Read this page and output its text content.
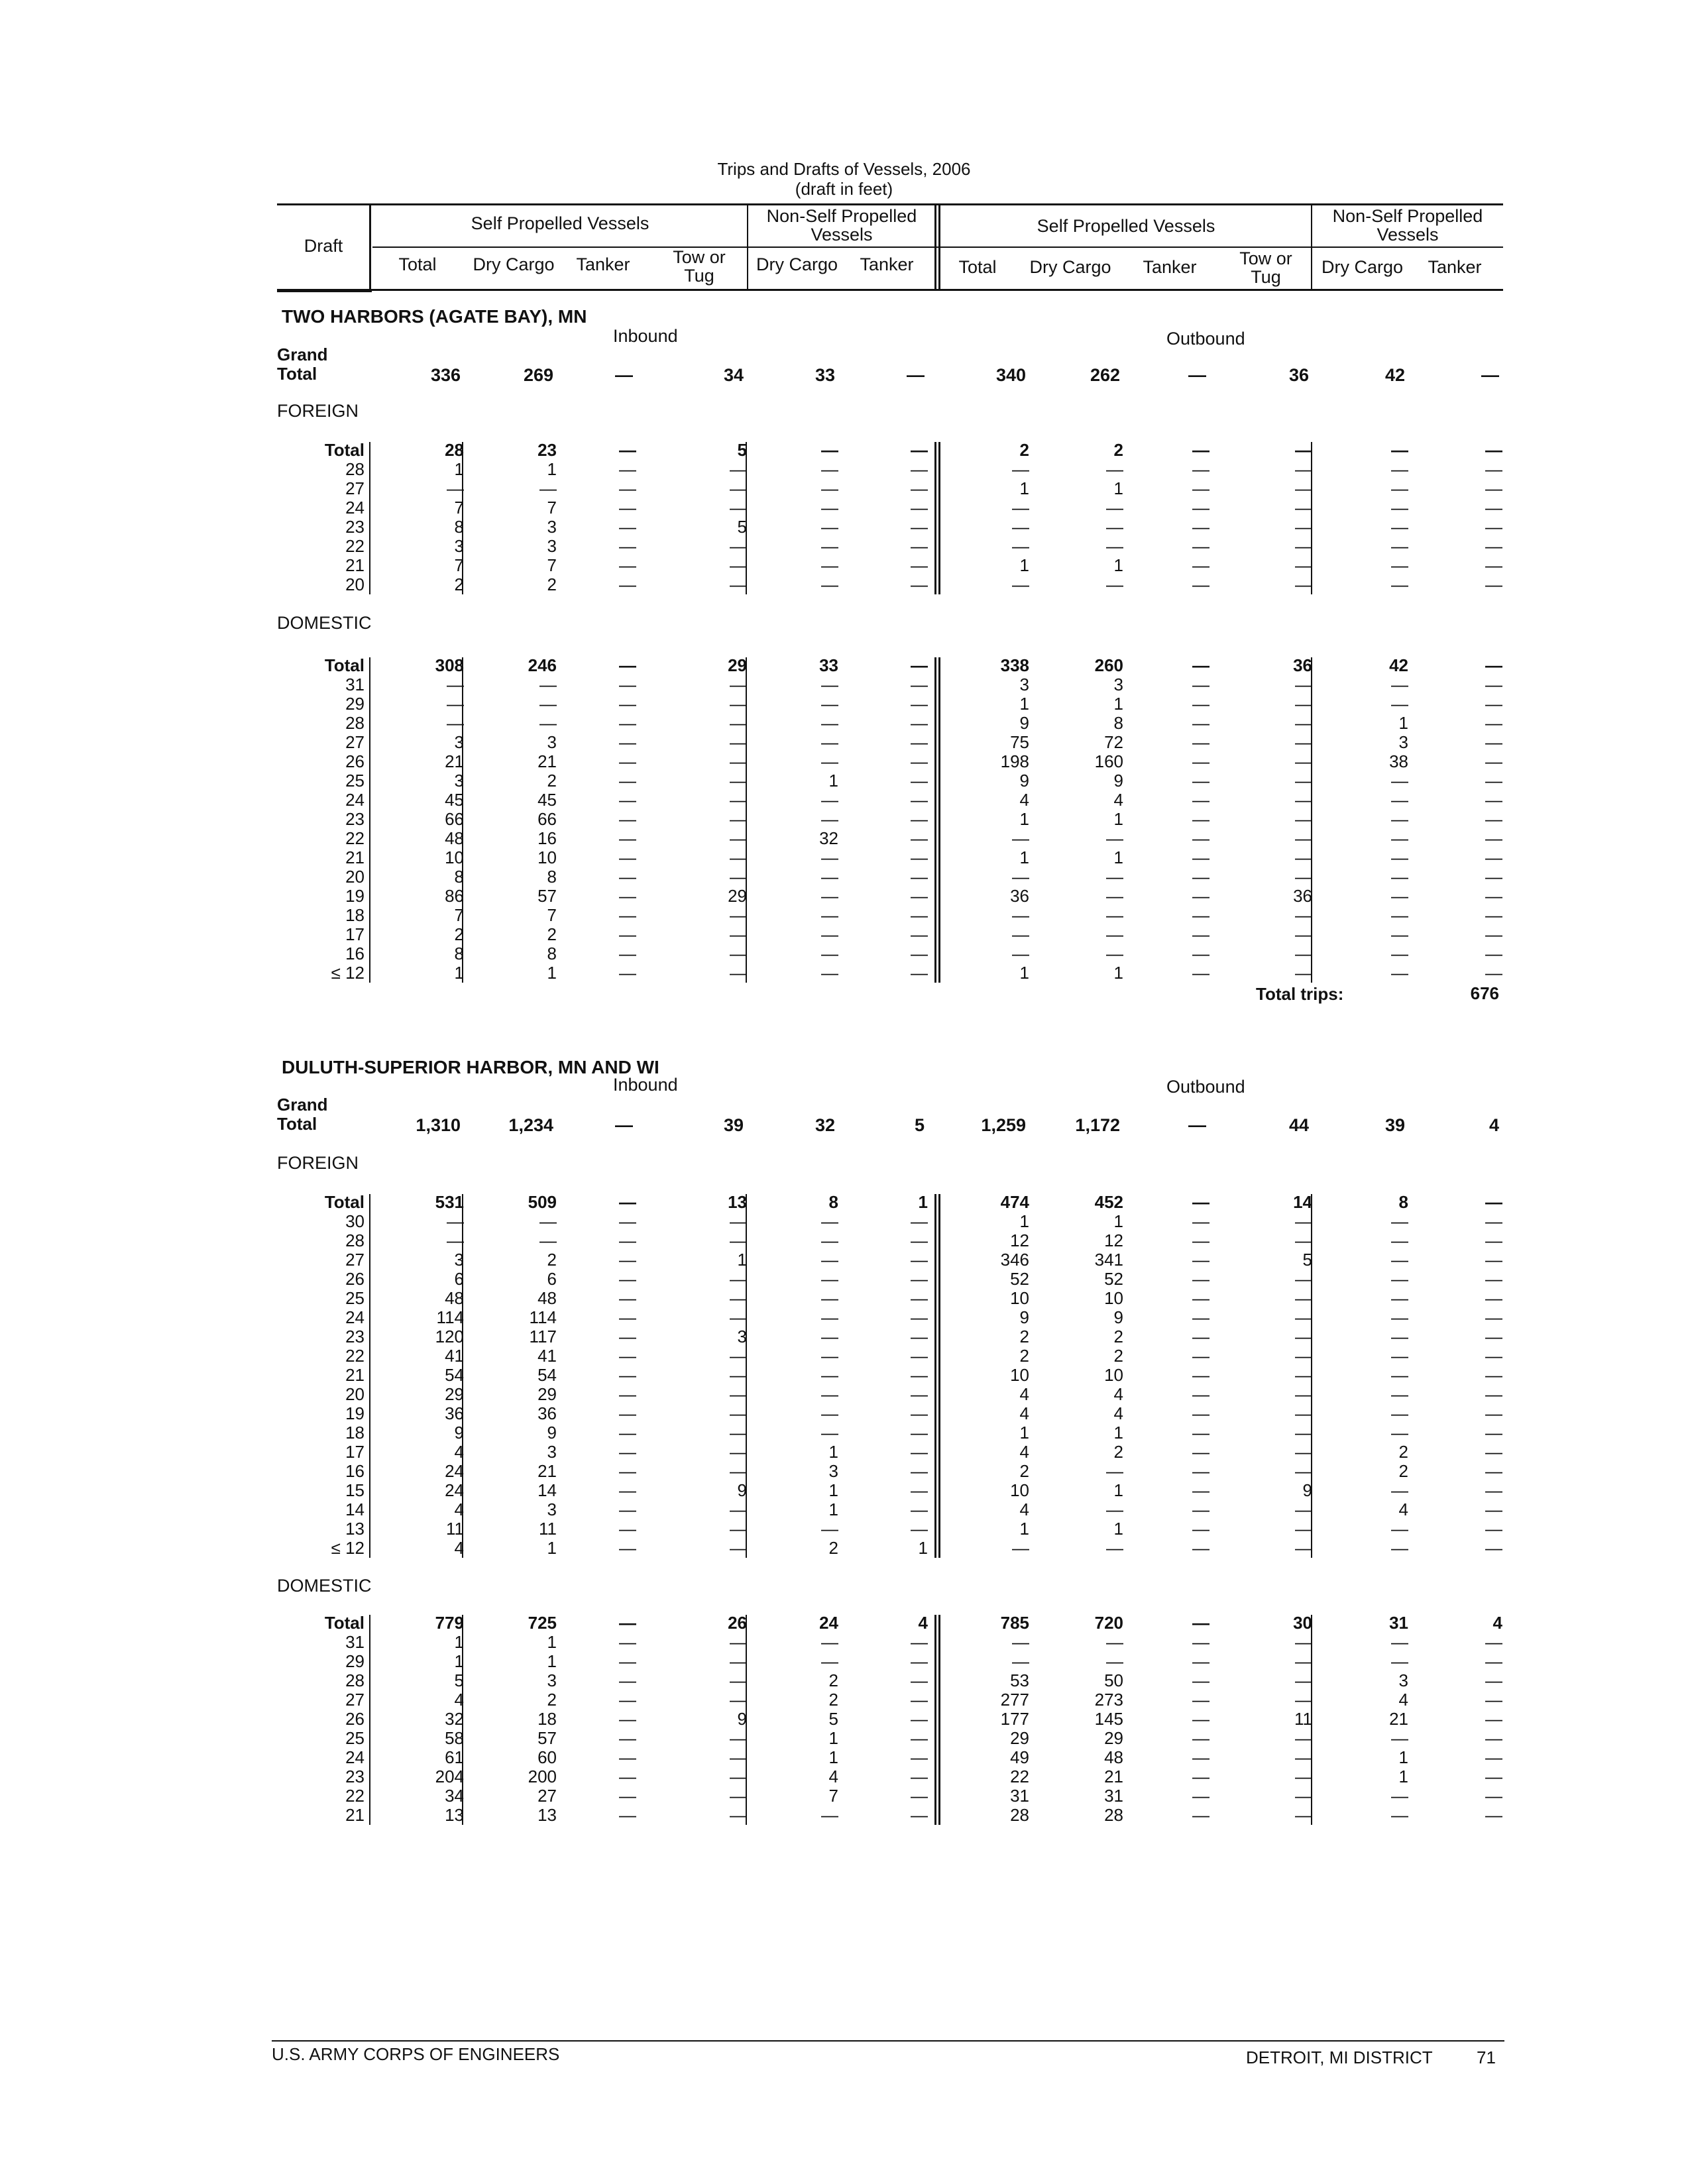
Trips and Drafts of Vessels, 2006
(draft in feet)
Draft
Self Propelled Vessels	Non-Self Propelled
Vessels	Self Propelled Vessels	Non-Self Propelled
Vessels
Total	Dry Cargo	Tanker	Tow or
Tug
Dry Cargo	Tanker	Total	Dry Cargo	Tanker	Tow or
Tug	Dry Cargo	Tanker
TWO HARBORS (AGATE BAY), MN
Inbound	Outbound
Grand
Total	336	269	—	34	33	—	340	262	—	36	42	—
FOREIGN
Total	28	23	—	5	—	—	2	2	—	—	—	—
28	1	1	—	—	—	—	—	—	—	—	—	—
27	—	—	—	—	—	—	1	1	—	—	—	—
24	7	7	—	—	—	—	—	—	—	—	—	—
23	8	3	—	5	—	—	—	—	—	—	—	—
22	3	3	—	—	—	—	—	—	—	—	—	—
21	7	7	—	—	—	—	1	1	—	—	—	—
20	2	2	—	—	—	—	—	—	—	—	—	—
DOMESTIC
Total	308	246	—	29	33	—	338	260	—	36	42	—
31	—	—	—	—	—	—	3	3	—	—	—	—
29	—	—	—	—	—	—	1	1	—	—	—	—
28	—	—	—	—	—	—	9	8	—	—	1	—
27	3	3	—	—	—	—	75	72	—	—	3	—
26	21	21	—	—	—	—	198	160	—	—	38	—
25	3	2	—	—	1	—	9	9	—	—	—	—
24	45	45	—	—	—	—	4	4	—	—	—	—
23	66	66	—	—	—	—	1	1	—	—	—	—
22	48	16	—	—	32	—	—	—	—	—	—	—
21	10	10	—	—	—	—	1	1	—	—	—	—
20	8	8	—	—	—	—	—	—	—	—	—	—
19	86	57	—	29	—	—	36	—	—	36	—	—
18	7	7	—	—	—	—	—	—	—	—	—	—
17	2	2	—	—	—	—	—	—	—	—	—	—
16	8	8	—	—	—	—	—	—	—	—	—	—
≤ 12	1	1	—	—	—	—	1	1	—	—	—	—
Total trips:	676
DULUTH-SUPERIOR HARBOR, MN AND WI
Inbound	Outbound
Grand
Total	1,310	1,234	—	39	32	5	1,259	1,172	—	44	39	4
FOREIGN
Total	531	509	—	13	8	1	474	452	—	14	8	—
30	—	—	—	—	—	—	1	1	—	—	—	—
28	—	—	—	—	—	—	12	12	—	—	—	—
27	3	2	—	1	—	—	346	341	—	5	—	—
26	6	6	—	—	—	—	52	52	—	—	—	—
25	48	48	—	—	—	—	10	10	—	—	—	—
24	114	114	—	—	—	—	9	9	—	—	—	—
23	120	117	—	3	—	—	2	2	—	—	—	—
22	41	41	—	—	—	—	2	2	—	—	—	—
21	54	54	—	—	—	—	10	10	—	—	—	—
20	29	29	—	—	—	—	4	4	—	—	—	—
19	36	36	—	—	—	—	4	4	—	—	—	—
18	9	9	—	—	—	—	1	1	—	—	—	—
17	4	3	—	—	1	—	4	2	—	—	2	—
16	24	21	—	—	3	—	2	—	—	—	2	—
15	24	14	—	9	1	—	10	1	—	9	—	—
14	4	3	—	—	1	—	4	—	—	—	4	—
13	11	11	—	—	—	—	1	1	—	—	—	—
≤ 12	4	1	—	—	2	1	—	—	—	—	—	—
DOMESTIC
Total	779	725	—	26	24	4	785	720	—	30	31	4
31	1	1	—	—	—	—	—	—	—	—	—	—
29	1	1	—	—	—	—	—	—	—	—	—	—
28	5	3	—	—	2	—	53	50	—	—	3	—
27	4	2	—	—	2	—	277	273	—	—	4	—
26	32	18	—	9	5	—	177	145	—	11	21	—
25	58	57	—	—	1	—	29	29	—	—	—	—
24	61	60	—	—	1	—	49	48	—	—	1	—
23	204	200	—	—	4	—	22	21	—	—	1	—
22	34	27	—	—	7	—	31	31	—	—	—	—
21	13	13	—	—	—	—	28	28	—	—	—	—
U.S. ARMY CORPS OF ENGINEERS	DETROIT, MI DISTRICT	71
